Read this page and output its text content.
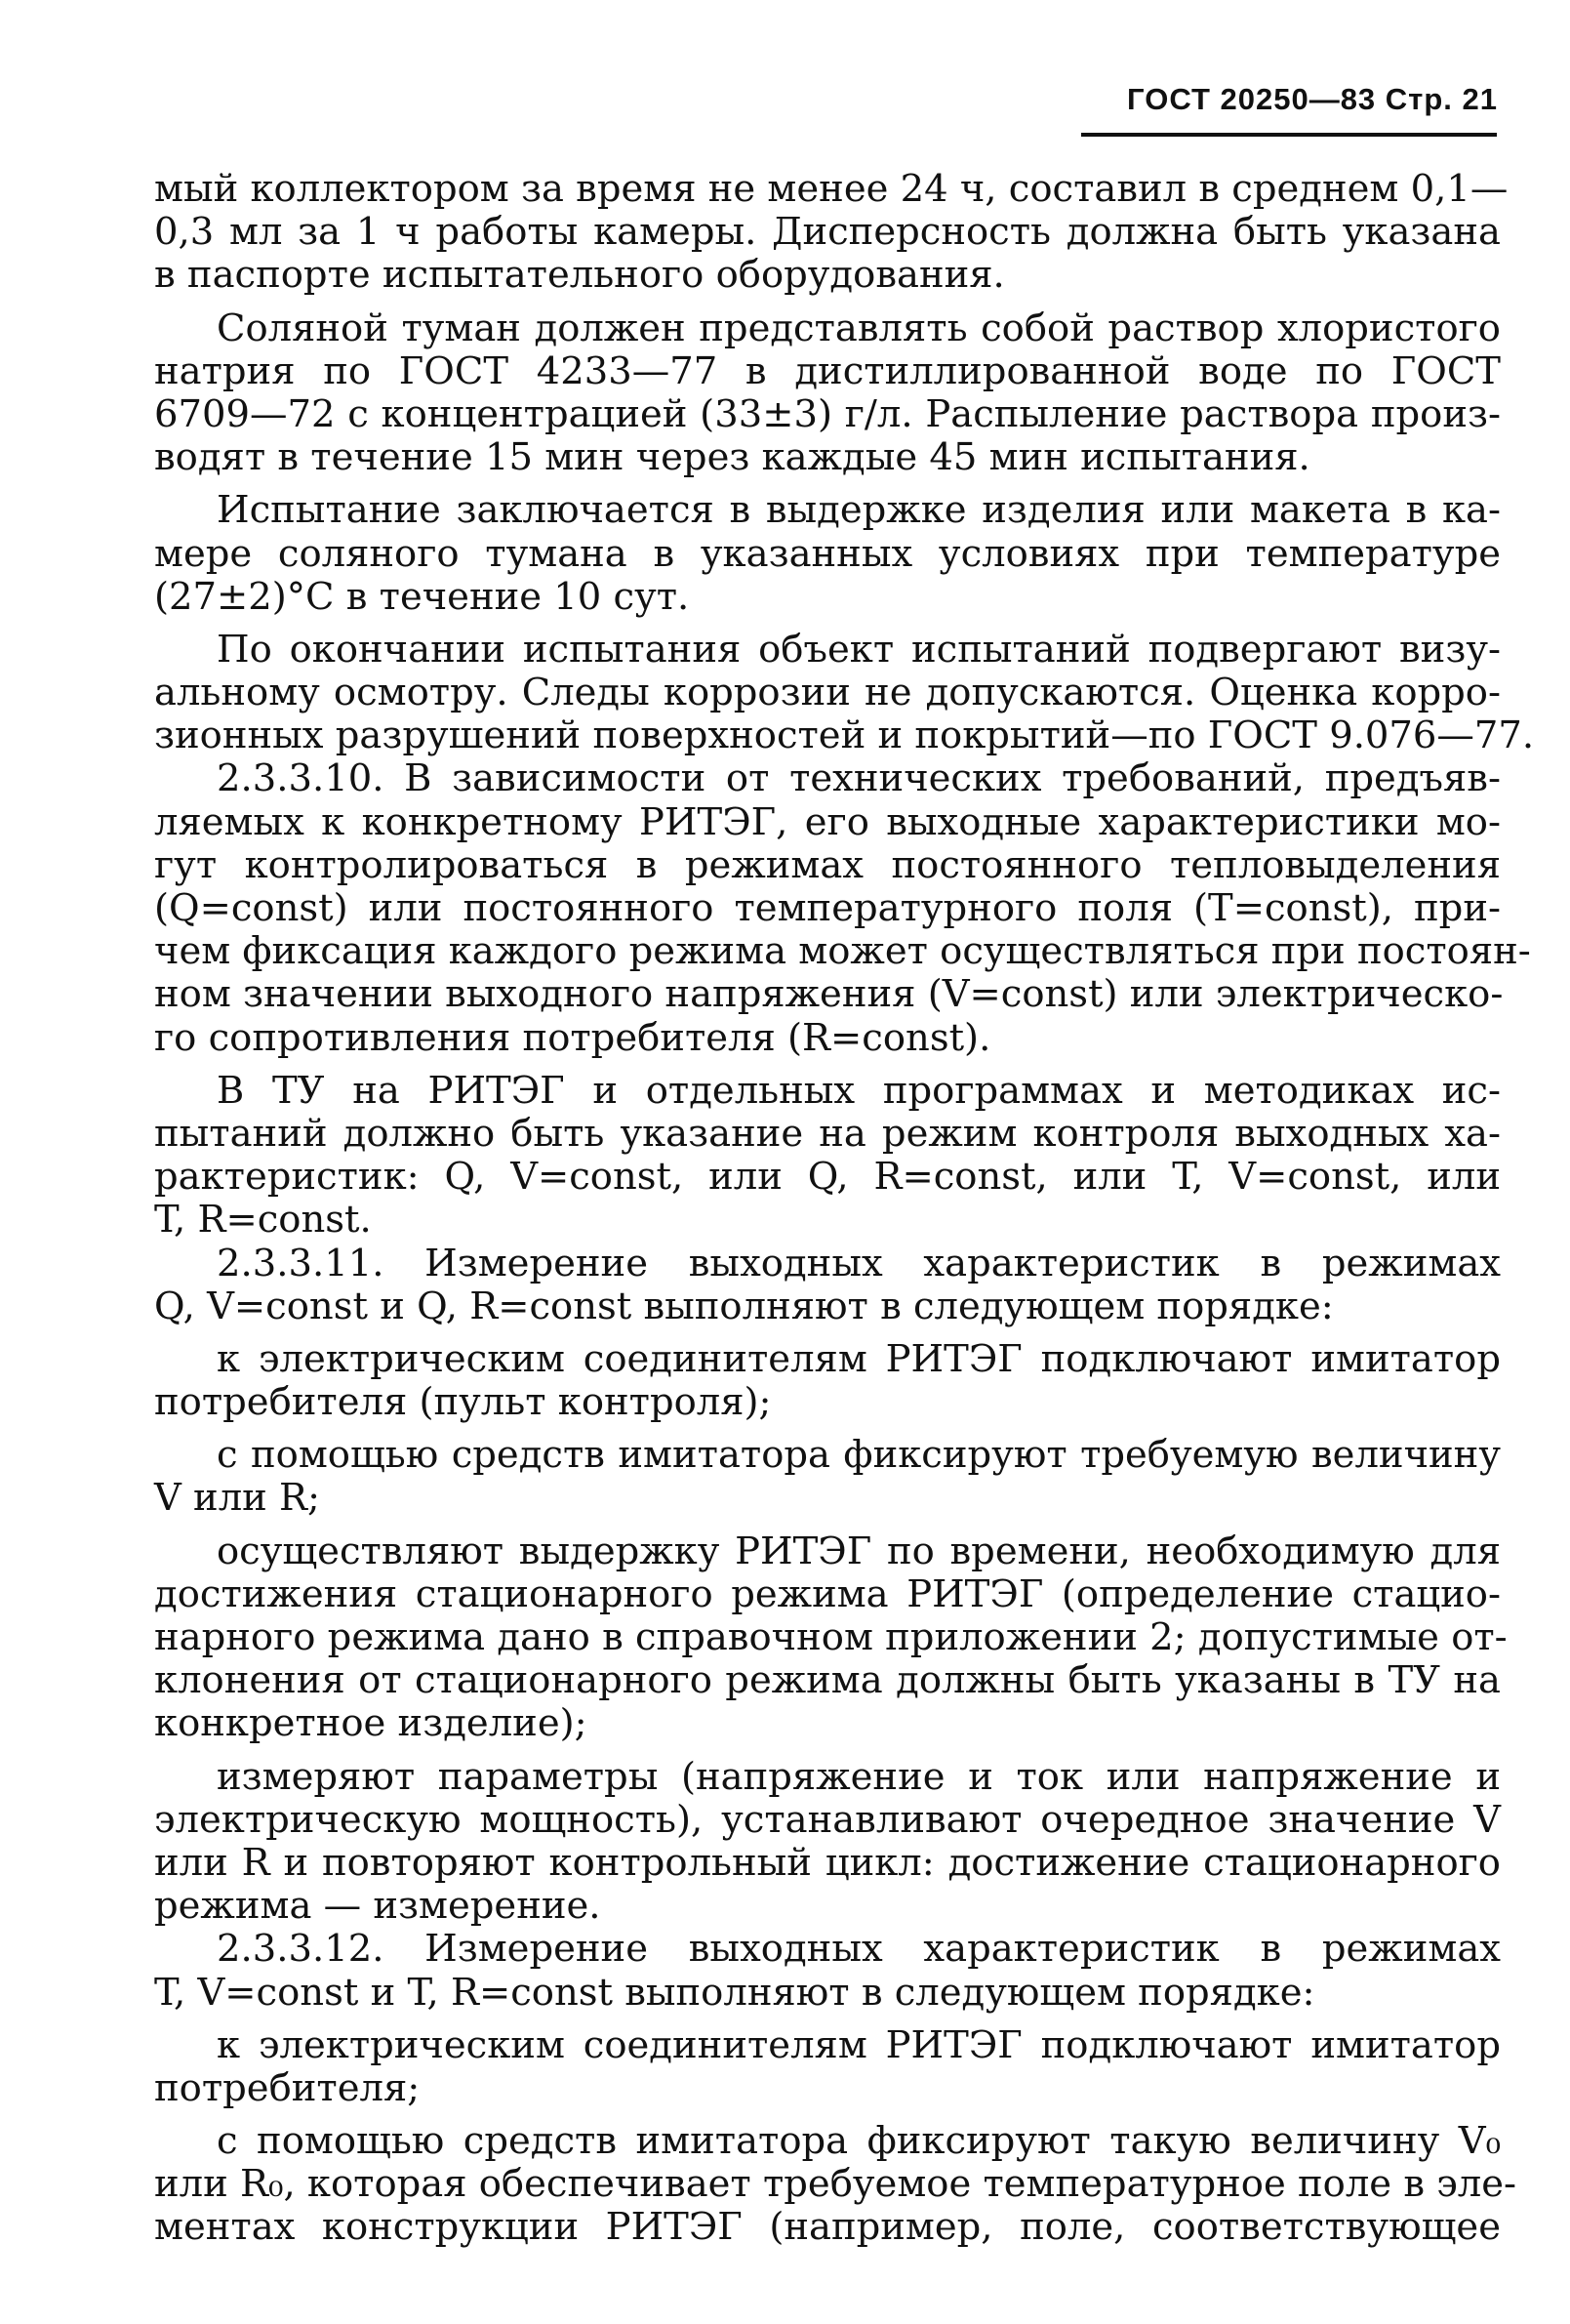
ГОСТ 20250—83 Стр. 21
мый коллектором за время не менее 24 ч, составил в среднем 0,1—
0,3 мл за 1 ч работы камеры. Дисперсность должна быть указана
в паспорте испытательного оборудования.
Соляной туман должен представлять собой раствор хлористого
натрия по ГОСТ 4233—77 в дистиллированной воде по ГОСТ
6709—72 с концентрацией (33±3) г/л. Распыление раствора произ-
водят в течение 15 мин через каждые 45 мин испытания.
Испытание заключается в выдержке изделия или макета в ка-
мере соляного тумана в указанных условиях при температуре
(27±2)°С в течение 10 сут.
По окончании испытания объект испытаний подвергают визу-
альному осмотру. Следы коррозии не допускаются. Оценка корро-
зионных разрушений поверхностей и покрытий—по ГОСТ 9.076—77.
2.3.3.10. В зависимости от технических требований, предъяв-
ляемых к конкретному РИТЭГ, его выходные характеристики мо-
гут контролироваться в режимах постоянного тепловыделения
(Q=const) или постоянного температурного поля (T=const), при-
чем фиксация каждого режима может осуществляться при постоян-
ном значении выходного напряжения (V=const) или электрическо-
го сопротивления потребителя (R=const).
В ТУ на РИТЭГ и отдельных программах и методиках ис-
пытаний должно быть указание на режим контроля выходных ха-
рактеристик: Q, V=const, или Q, R=const, или T, V=const, или
T, R=const.
2.3.3.11. Измерение выходных характеристик в режимах
Q, V=const и Q, R=const выполняют в следующем порядке:
к электрическим соединителям РИТЭГ подключают имитатор
потребителя (пульт контроля);
с помощью средств имитатора фиксируют требуемую величину
V или R;
осуществляют выдержку РИТЭГ по времени, необходимую для
достижения стационарного режима РИТЭГ (определение стацио-
нарного режима дано в справочном приложении 2; допустимые от-
клонения от стационарного режима должны быть указаны в ТУ на
конкретное изделие);
измеряют параметры (напряжение и ток или напряжение и
электрическую мощность), устанавливают очередное значение V
или R и повторяют контрольный цикл: достижение стационарного
режима — измерение.
2.3.3.12. Измерение выходных характеристик в режимах
T, V=const и T, R=const выполняют в следующем порядке:
к электрическим соединителям РИТЭГ подключают имитатор
потребителя;
с помощью средств имитатора фиксируют такую величину V₀
или R₀, которая обеспечивает требуемое температурное поле в эле-
ментах конструкции РИТЭГ (например, поле, соответствующее
